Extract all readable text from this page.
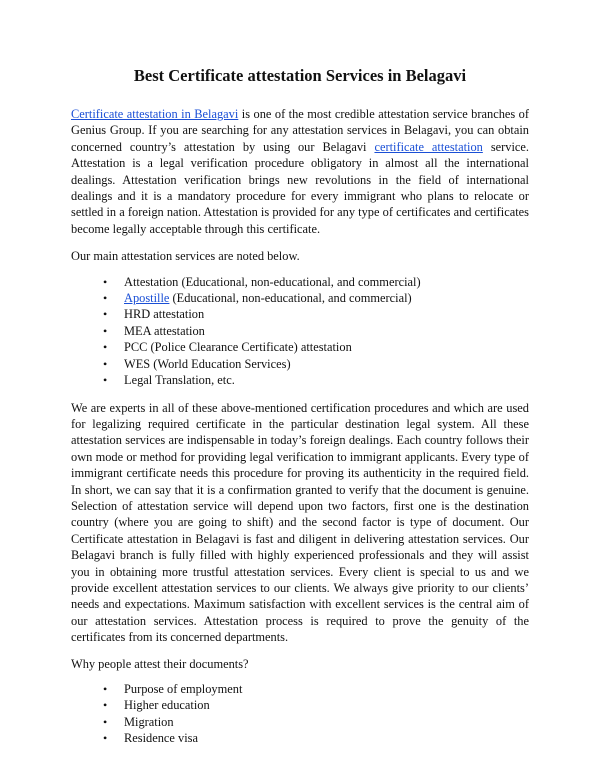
Best Certificate attestation Services in Belagavi

Certificate attestation in Belagavi is one of the most credible attestation service branches of Genius Group. If you are searching for any attestation services in Belagavi, you can obtain concerned country’s attestation by using our Belagavi certificate attestation service. Attestation is a legal verification procedure obligatory in almost all the international dealings. Attestation verification brings new revolutions in the field of international dealings and it is a mandatory procedure for every immigrant who plans to relocate or settled in a foreign nation. Attestation is provided for any type of certificates and certificates become legally acceptable through this certificate.

Our main attestation services are noted below.

• Attestation (Educational, non-educational, and commercial)
• Apostille (Educational, non-educational, and commercial)
• HRD attestation
• MEA attestation
• PCC (Police Clearance Certificate) attestation
• WES (World Education Services)
• Legal Translation, etc.

We are experts in all of these above-mentioned certification procedures and which are used for legalizing required certificate in the particular destination legal system. All these attestation services are indispensable in today’s foreign dealings. Each country follows their own mode or method for providing legal verification to immigrant applicants. Every type of immigrant certificate needs this procedure for proving its authenticity in the required field. In short, we can say that it is a confirmation granted to verify that the document is genuine. Selection of attestation service will depend upon two factors, first one is the destination country (where you are going to shift) and the second factor is type of document. Our Certificate attestation in Belagavi is fast and diligent in delivering attestation services. Our Belagavi branch is fully filled with highly experienced professionals and they will assist you in obtaining more trustful attestation services. Every client is special to us and we provide excellent attestation services to our clients. We always give priority to our clients’ needs and expectations. Maximum satisfaction with excellent services is the central aim of our attestation services. Attestation process is required to prove the genuity of the certificates from its concerned departments.

Why people attest their documents?

• Purpose of employment
• Higher education
• Migration
• Residence visa
